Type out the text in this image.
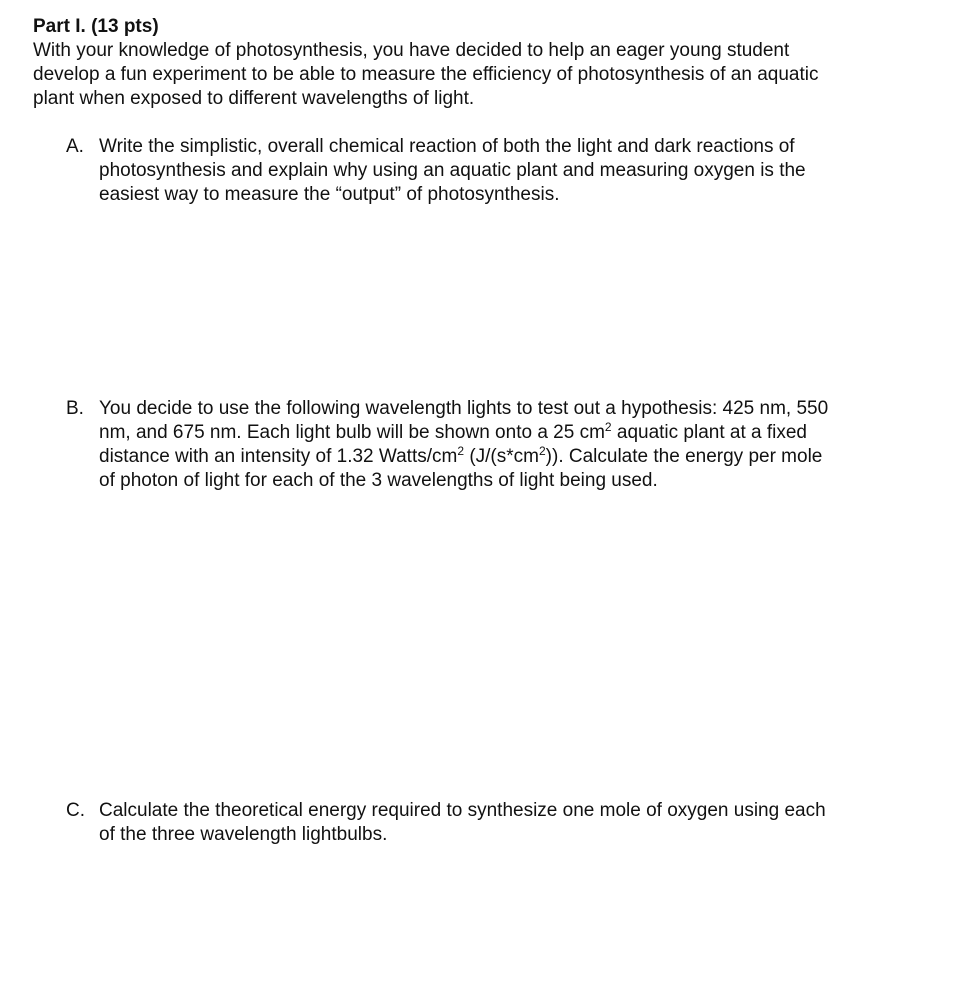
Part I. (13 pts)
With your knowledge of photosynthesis, you have decided to help an eager young student
develop a fun experiment to be able to measure the efficiency of photosynthesis of an aquatic
plant when exposed to different wavelengths of light.
A. Write the simplistic, overall chemical reaction of both the light and dark reactions of
photosynthesis and explain why using an aquatic plant and measuring oxygen is the
easiest way to measure the “output” of photosynthesis.
B. You decide to use the following wavelength lights to test out a hypothesis: 425 nm, 550
nm, and 675 nm. Each light bulb will be shown onto a 25 $cm^2$ aquatic plant at a fixed
distance with an intensity of 1.32 Watts/$cm^2$ $(J/(s*cm^2))$. Calculate the energy per mole
of photon of light for each of the 3 wavelengths of light being used.
C. Calculate the theoretical energy required to synthesize one mole of oxygen using each
of the three wavelength lightbulbs.
